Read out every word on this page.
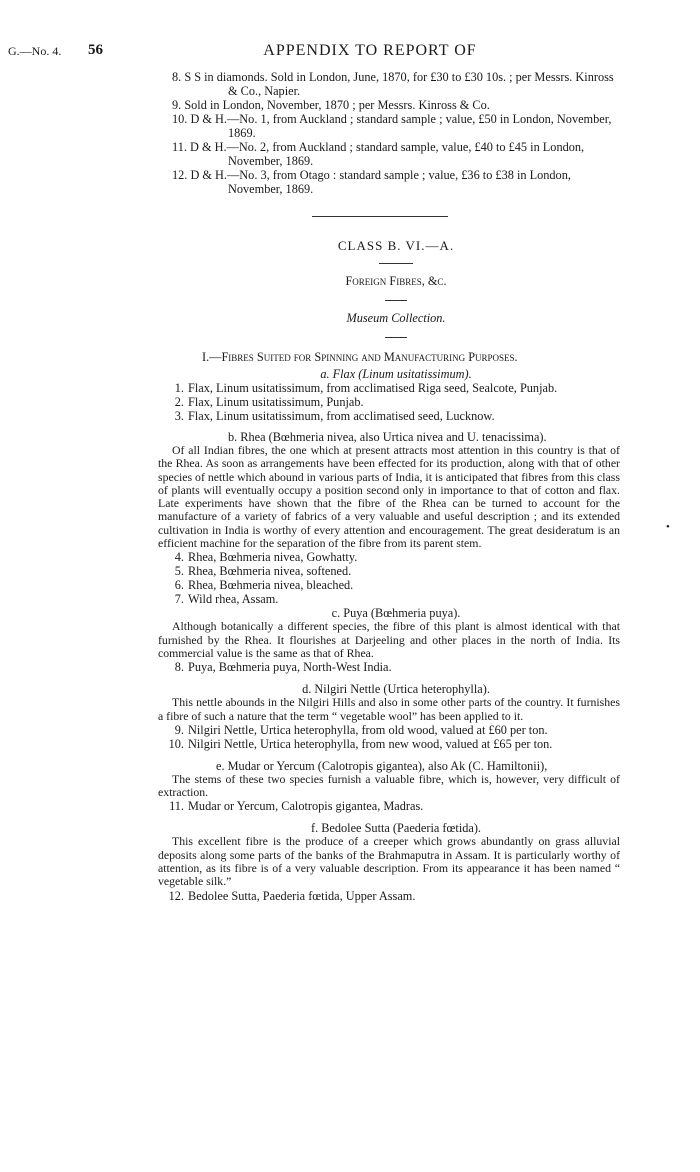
G.—No. 4. 56	APPENDIX TO REPORT OF

8. S S in diamonds. Sold in London, June, 1870, for £30 to £30 10s. ; per Messrs. Kinross & Co., Napier.

9. Sold in London, November, 1870 ; per Messrs. Kinross & Co.

10. D & H.—No. 1, from Auckland ; standard sample ; value, £50 in London, November, 1869.

11. D & H.—No. 2, from Auckland ; standard sample, value, £40 to £45 in London, November, 1869.

12. D & H.—No. 3, from Otago : standard sample ; value, £36 to £38 in London, November, 1869.

CLASS B. VI.—A.
Foreign Fibres, &c.
Museum Collection.
I.—Fibres Suited for Spinning and Manufacturing Purposes.
a. Flax (Linum usitatissimum).

1. Flax, Linum usitatissimum, from acclimatised Riga seed, Sealcote, Punjab.

2. Flax, Linum usitatissimum, Punjab.

3. Flax, Linum usitatissimum, from acclimatised seed, Lucknow.

b. Rhea (Bœhmeria nivea, also Urtica nivea and U. tenacissima).

Of all Indian fibres, the one which at present attracts most attention in this country is that of the Rhea. As soon as arrangements have been effected for its production, along with that of other species of nettle which abound in various parts of India, it is anticipated that fibres from this class of plants will eventually occupy a position second only in importance to that of cotton and flax. Late experiments have shown that the fibre of the Rhea can be turned to account for the manufacture of a variety of fabrics of a very valuable and useful description ; and its extended cultivation in India is worthy of every attention and encouragement. The great desideratum is an efficient machine for the separation of the fibre from its parent stem.

4. Rhea, Bœhmeria nivea, Gowhatty.

5. Rhea, Bœhmeria nivea, softened.

6. Rhea, Bœhmeria nivea, bleached.

7. Wild rhea, Assam.

c. Puya (Bœhmeria puya).

Although botanically a different species, the fibre of this plant is almost identical with that furnished by the Rhea. It flourishes at Darjeeling and other places in the north of India. Its commercial value is the same as that of Rhea.

8. Puya, Bœhmeria puya, North-West India.

d. Nilgiri Nettle (Urtica heterophylla).

This nettle abounds in the Nilgiri Hills and also in some other parts of the country. It furnishes a fibre of such a nature that the term “ vegetable wool” has been applied to it.

9. Nilgiri Nettle, Urtica heterophylla, from old wood, valued at £60 per ton.

10. Nilgiri Nettle, Urtica heterophylla, from new wood, valued at £65 per ton.

e. Mudar or Yercum (Calotropis gigantea), also Ak (C. Hamiltonii),

The stems of these two species furnish a valuable fibre, which is, however, very difficult of extraction.

11. Mudar or Yercum, Calotropis gigantea, Madras.

f. Bedolee Sutta (Paederia fœtida).

This excellent fibre is the produce of a creeper which grows abundantly on grass alluvial deposits along some parts of the banks of the Brahmaputra in Assam. It is particularly worthy of attention, as its fibre is of a very valuable description. From its appearance it has been named “ vegetable silk.”

12. Bedolee Sutta, Paederia fœtida, Upper Assam.

•
